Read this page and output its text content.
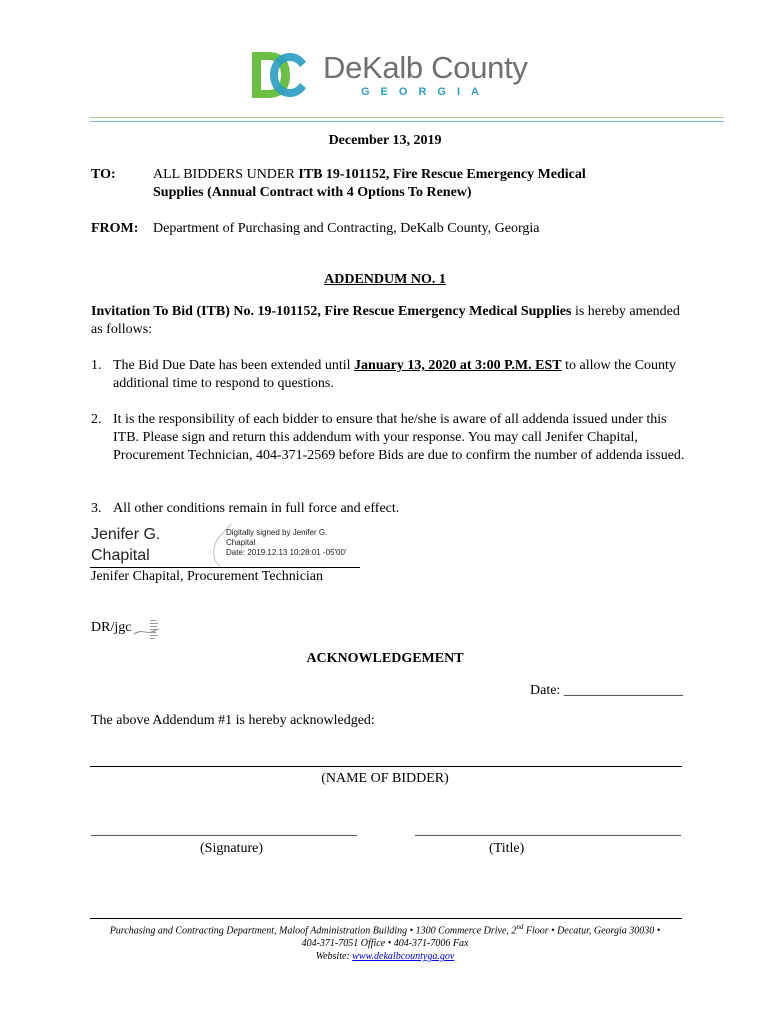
DeKalb County
GEORGIA
December 13, 2019
TO:	ALL BIDDERS UNDER ITB 19-101152, Fire Rescue Emergency Medical
Supplies (Annual Contract with 4 Options To Renew)
FROM: Department of Purchasing and Contracting, DeKalb County, Georgia
ADDENDUM NO. 1
Invitation To Bid (ITB) No. 19-101152, Fire Rescue Emergency Medical Supplies is hereby amended as follows:
1. The Bid Due Date has been extended until January 13, 2020 at 3:00 P.M. EST to allow the County additional time to respond to questions.
2. It is the responsibility of each bidder to ensure that he/she is aware of all addenda issued under this ITB. Please sign and return this addendum with your response. You may call Jenifer Chapital, Procurement Technician, 404-371-2569 before Bids are due to confirm the number of addenda issued.
3. All other conditions remain in full force and effect.
Jenifer G.
Chapital
Digitally signed by Jenifer G.
Chapital
Date: 2019.12.13 10:28:01 -05'00'
Jenifer Chapital, Procurement Technician
DR/jgc
ACKNOWLEDGEMENT
Date: _________________
The above Addendum #1 is hereby acknowledged:
(NAME OF BIDDER)
______________________________________	______________________________________
(Signature)	(Title)
Purchasing and Contracting Department, Maloof Administration Building • 1300 Commerce Drive, 2nd Floor • Decatur, Georgia 30030 •
404-371-7051 Office • 404-371-7006 Fax
Website: www.dekalbcountyga.gov
